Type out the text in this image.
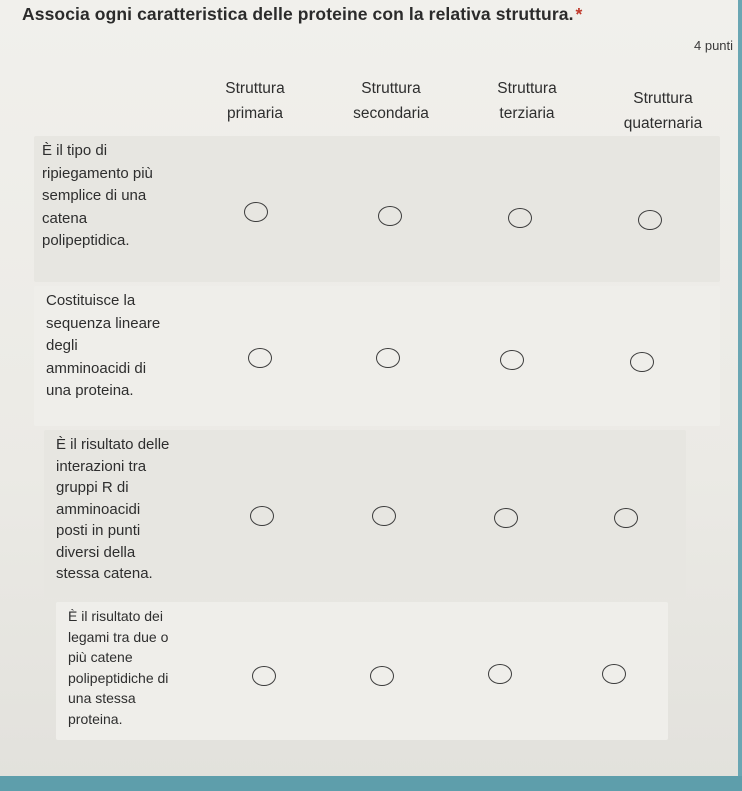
Associa ogni caratteristica delle proteine con la relativa struttura. *
4 punti
Struttura
primaria
Struttura
secondaria
Struttura
terziaria
Struttura
quaternaria
È il tipo di
ripiegamento più
semplice di una
catena
polipeptidica.
Costituisce la
sequenza lineare
degli
amminoacidi di
una proteina.
È il risultato delle
interazioni tra
gruppi R di
amminoacidi
posti in punti
diversi della
stessa catena.
È il risultato dei
legami tra due o
più catene
polipeptidiche di
una stessa
proteina.
